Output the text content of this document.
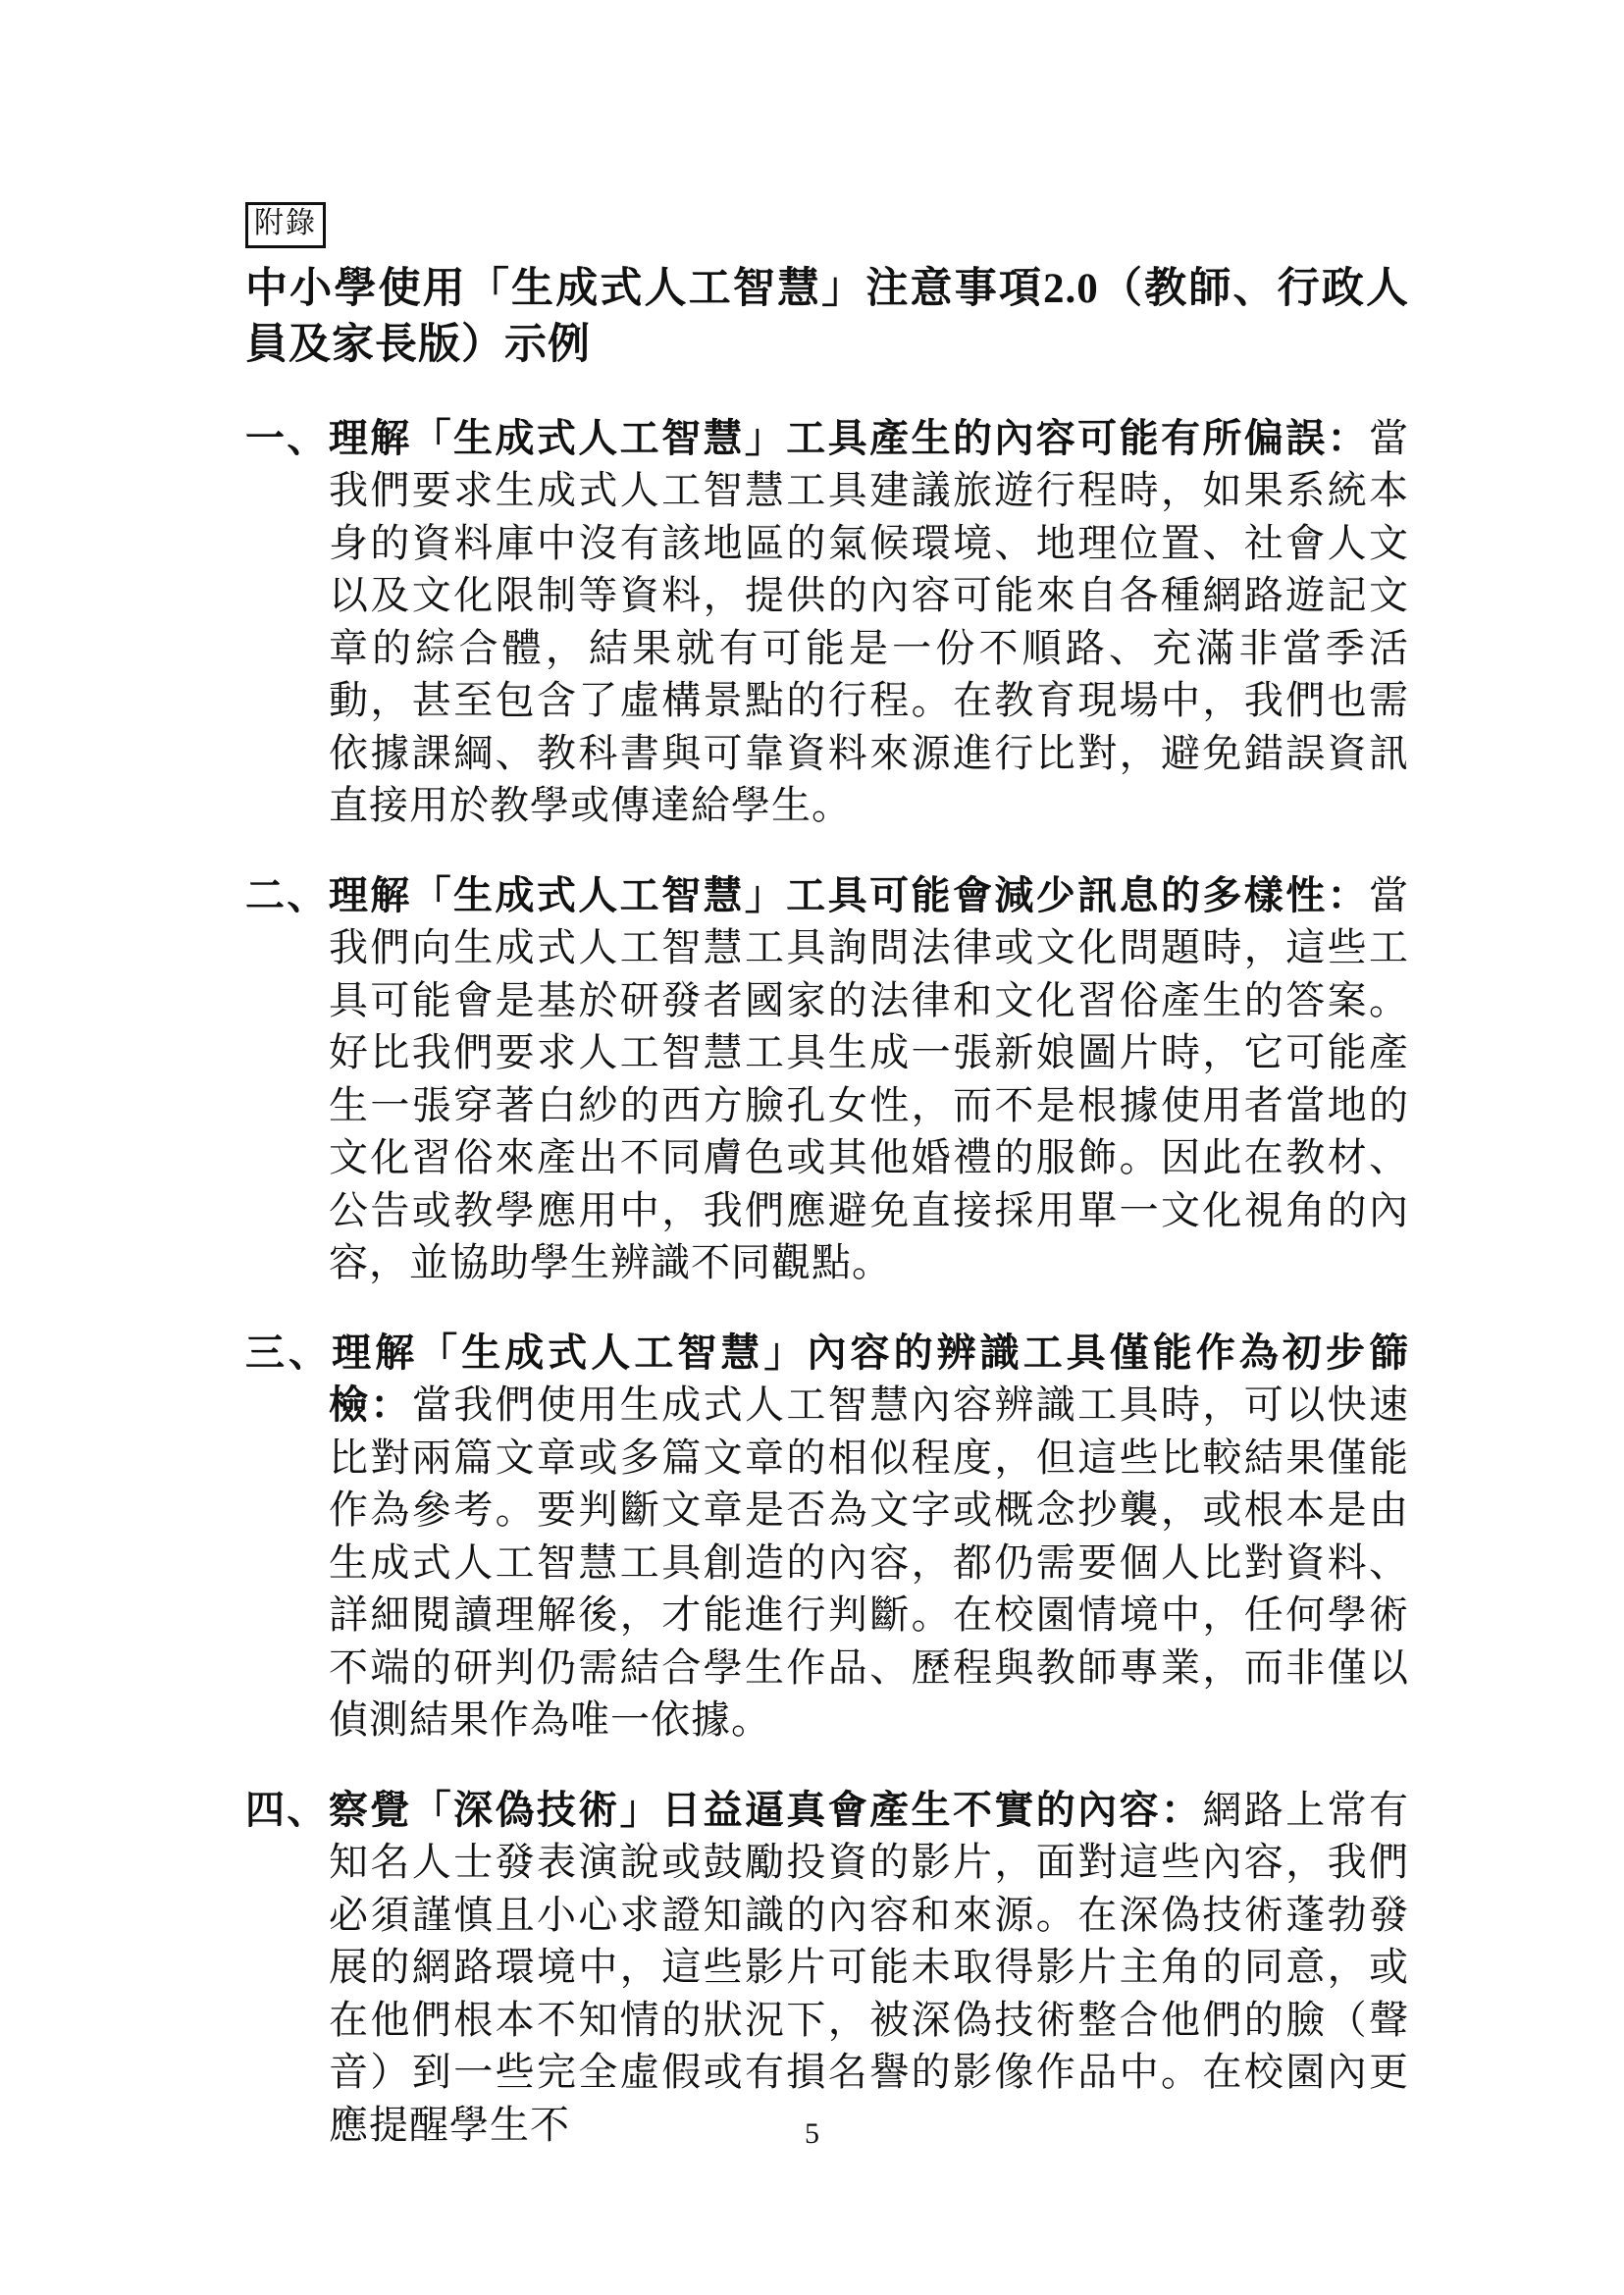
附錄
中小學使用「生成式人工智慧」注意事項2.0（教師、行政人員及家長版）示例
一、理解「生成式人工智慧」工具產生的內容可能有所偏誤：當我們要求生成式人工智慧工具建議旅遊行程時，如果系統本身的資料庫中沒有該地區的氣候環境、地理位置、社會人文以及文化限制等資料，提供的內容可能來自各種網路遊記文章的綜合體，結果就有可能是一份不順路、充滿非當季活動，甚至包含了虛構景點的行程。在教育現場中，我們也需依據課綱、教科書與可靠資料來源進行比對，避免錯誤資訊直接用於教學或傳達給學生。
二、理解「生成式人工智慧」工具可能會減少訊息的多樣性：當我們向生成式人工智慧工具詢問法律或文化問題時，這些工具可能會是基於研發者國家的法律和文化習俗產生的答案。好比我們要求人工智慧工具生成一張新娘圖片時，它可能產生一張穿著白紗的西方臉孔女性，而不是根據使用者當地的文化習俗來產出不同膚色或其他婚禮的服飾。因此在教材、公告或教學應用中，我們應避免直接採用單一文化視角的內容，並協助學生辨識不同觀點。
三、理解「生成式人工智慧」內容的辨識工具僅能作為初步篩檢：當我們使用生成式人工智慧內容辨識工具時，可以快速比對兩篇文章或多篇文章的相似程度，但這些比較結果僅能作為參考。要判斷文章是否為文字或概念抄襲，或根本是由生成式人工智慧工具創造的內容，都仍需要個人比對資料、詳細閱讀理解後，才能進行判斷。在校園情境中，任何學術不端的研判仍需結合學生作品、歷程與教師專業，而非僅以偵測結果作為唯一依據。
四、察覺「深偽技術」日益逼真會產生不實的內容：網路上常有知名人士發表演說或鼓勵投資的影片，面對這些內容，我們必須謹慎且小心求證知識的內容和來源。在深偽技術蓬勃發展的網路環境中，這些影片可能未取得影片主角的同意，或在他們根本不知情的狀況下，被深偽技術整合他們的臉（聲音）到一些完全虛假或有損名譽的影像作品中。在校園內更應提醒學生不	5
